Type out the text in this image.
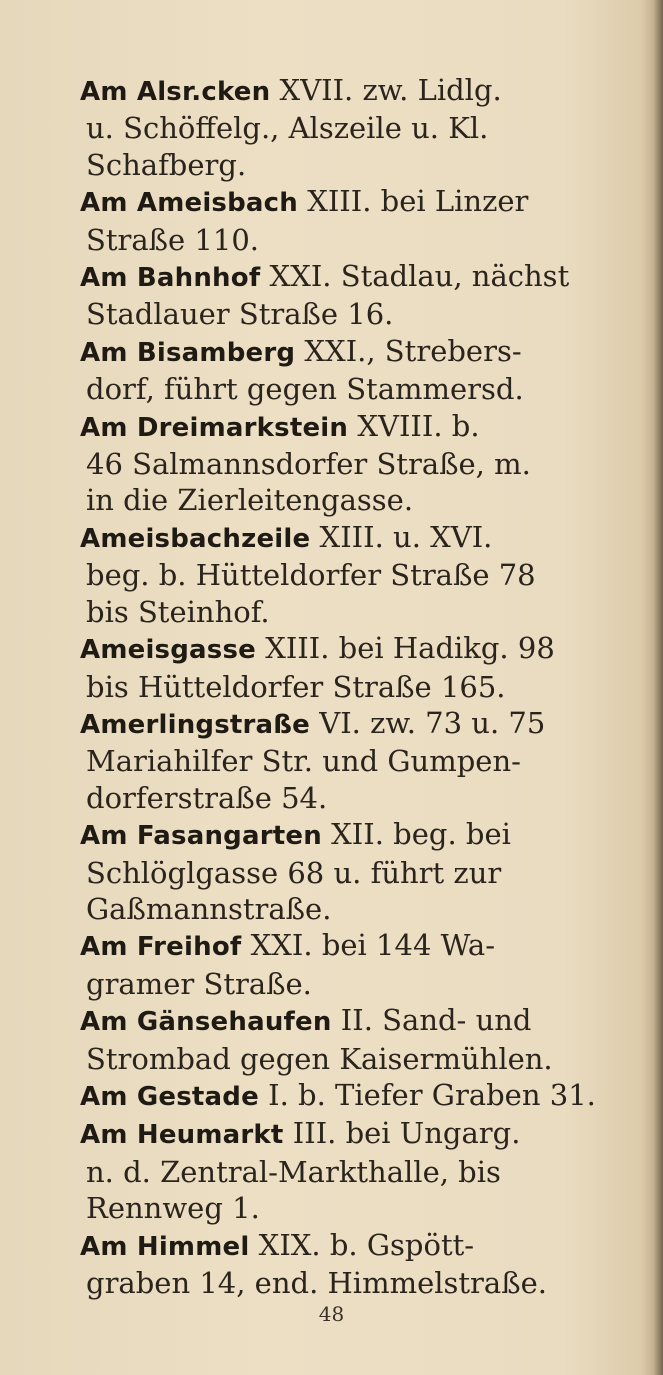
Am Alsr.cken XVII. zw. Lidlg.
u. Schöffelg., Alszeile u. Kl.
Schafberg.
Am Ameisbach XIII. bei Linzer
Straße 110.
Am Bahnhof XXI. Stadlau, nächst
Stadlauer Straße 16.
Am Bisamberg XXI., Strebers-
dorf, führt gegen Stammersd.
Am Dreimarkstein XVIII. b.
46 Salmannsdorfer Straße, m.
in die Zierleitengasse.
Ameisbachzeile XIII. u. XVI.
beg. b. Hütteldorfer Straße 78
bis Steinhof.
Ameisgasse XIII. bei Hadikg. 98
bis Hütteldorfer Straße 165.
Amerlingstraße VI. zw. 73 u. 75
Mariahilfer Str. und Gumpen-
dorferstraße 54.
Am Fasangarten XII. beg. bei
Schlöglgasse 68 u. führt zur
Gaßmannstraße.
Am Freihof XXI. bei 144 Wa-
gramer Straße.
Am Gänsehaufen II. Sand- und
Strombad gegen Kaisermühlen.
Am Gestade I. b. Tiefer Graben 31.
Am Heumarkt III. bei Ungarg.
n. d. Zentral-Markthalle, bis
Rennweg 1.
Am Himmel XIX. b. Gspött-
graben 14, end. Himmelstraße.
48
